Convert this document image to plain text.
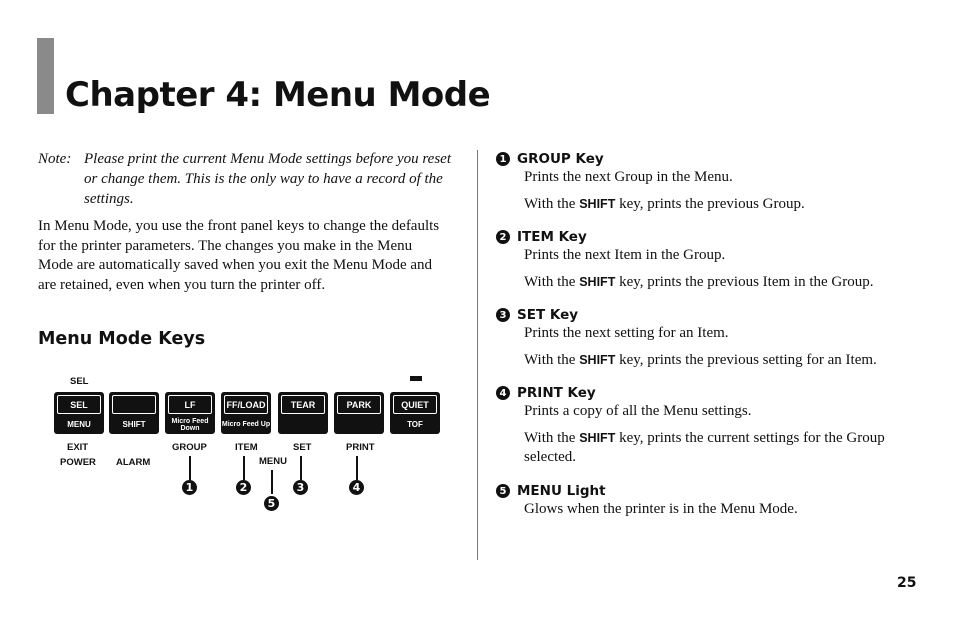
Chapter 4: Menu Mode
Note: Please print the current Menu Mode settings before you reset or change them. This is the only way to have a record of the settings.

In Menu Mode, you use the front panel keys to change the defaults for the printer parameters. The changes you make in the Menu Mode are automatically saved when you exit the Menu Mode and are retained, even when you turn the printer off.

Menu Mode Keys
SEL
SEL
MENU	SHIFT
LF
Micro Feed Down
FF/LOAD
Micro Feed Up
TEAR	PARK	QUIET
TOF
EXIT
POWER ALARM
GROUP	ITEM	SET
MENU
PRINT
1	2	3	4
5
1 GROUP Key

Prints the next Group in the Menu.

With the SHIFT key, prints the previous Group.

2 ITEM Key

Prints the next Item in the Group.

With the SHIFT key, prints the previous Item in the Group.

3 SET Key

Prints the next setting for an Item.

With the SHIFT key, prints the previous setting for an Item.

4 PRINT Key

Prints a copy of all the Menu settings.

With the SHIFT key, prints the current settings for the Group selected.

5 MENU Light

Glows when the printer is in the Menu Mode.

25
